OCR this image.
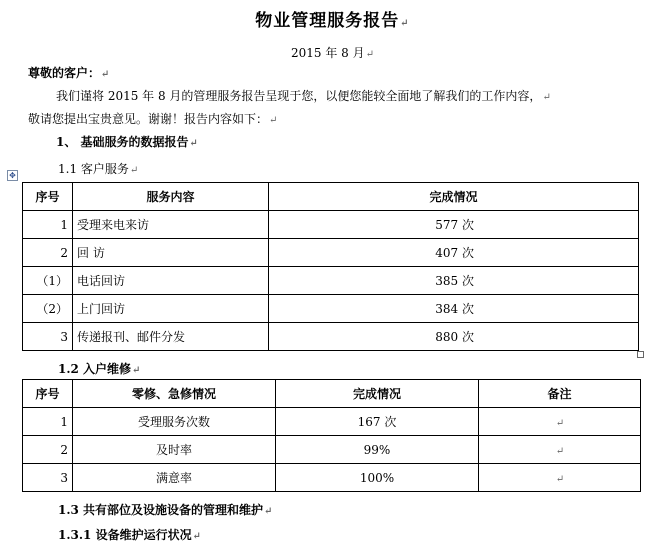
物业管理服务报告↵
2015 年 8 月↵
尊敬的客户：↵
我们谨将 2015 年 8 月的管理服务报告呈现于您，以便您能较全面地了解我们的工作内容，↵
敬请您提出宝贵意见。谢谢！报告内容如下：↵
1、 基础服务的数据报告↵
✥	1.1 客户服务↵
序号	服务内容	完成情况
1	受理来电来访	577 次
2	回 访	407 次
（1）	电话回访	385 次
（2）	上门回访	384 次
3	传递报刊、邮件分发	880 次
1.2 入户维修↵
序号	零修、急修情况	完成情况	备注
1	受理服务次数	167 次	↵
2	及时率	99%	↵
3	满意率	100%	↵
1.3 共有部位及设施设备的管理和维护↵
1.3.1 设备维护运行状况↵
